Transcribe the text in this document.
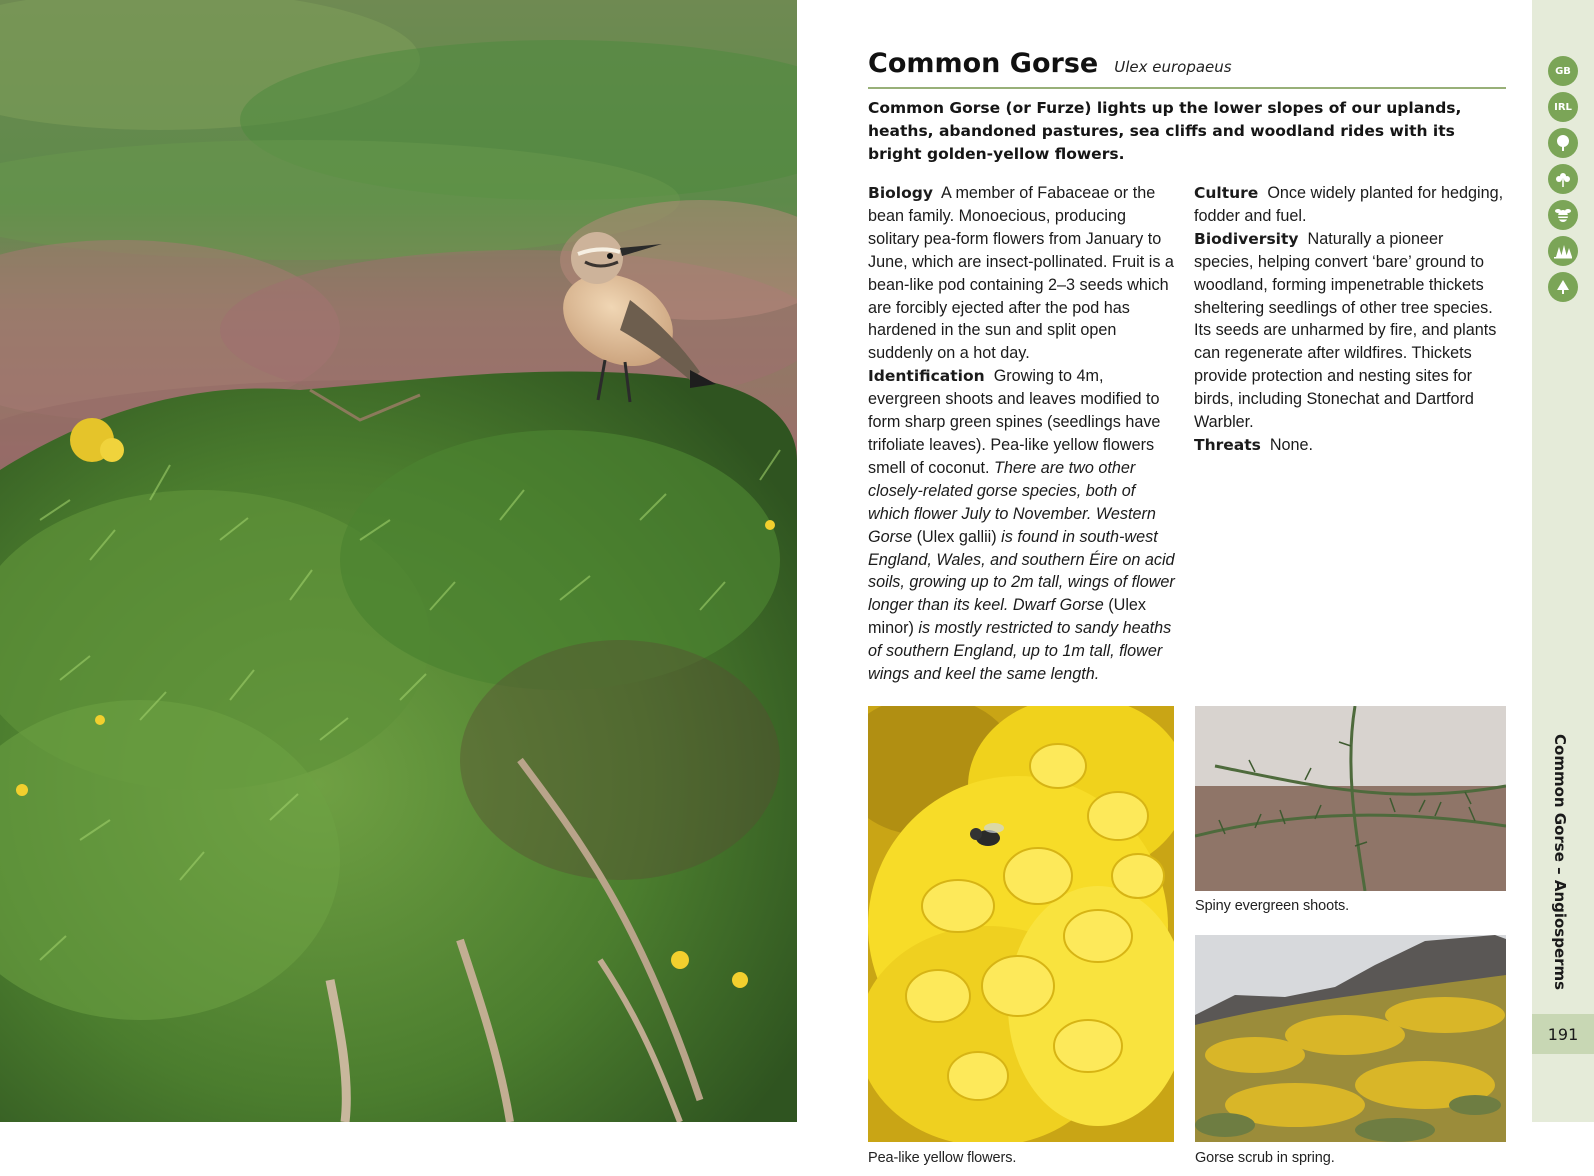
Common Gorse Ulex europaeus
Common Gorse (or Furze) lights up the lower slopes of our uplands, heaths, abandoned pastures, sea cliffs and woodland rides with its bright golden-yellow flowers.

Biology A member of Fabaceae or the bean family. Monoecious, producing solitary pea-form flowers from January to June, which are insect-pollinated. Fruit is a bean-like pod containing 2–3 seeds which are forcibly ejected after the pod has hardened in the sun and split open suddenly on a hot day.

Identification Growing to 4m, evergreen shoots and leaves modified to form sharp green spines (seedlings have trifoliate leaves). Pea-like yellow flowers smell of coconut. There are two other closely-related gorse species, both of which flower July to November. Western Gorse (Ulex gallii) is found in south-west England, Wales, and southern Éire on acid soils, growing up to 2m tall, wings of flower longer than its keel. Dwarf Gorse (Ulex minor) is mostly restricted to sandy heaths of southern England, up to 1m tall, flower wings and keel the same length.

Culture Once widely planted for hedging, fodder and fuel.

Biodiversity Naturally a pioneer species, helping convert ‘bare’ ground to woodland, forming impenetrable thickets sheltering seedlings of other tree species. Its seeds are unharmed by fire, and plants can regenerate after wildfires. Thickets provide protection and nesting sites for birds, including Stonechat and Dartford Warbler.

Threats None.

Pea-like yellow flowers.
Spiny evergreen shoots.
Gorse scrub in spring.
GB
IRL
Common Gorse – Angiosperms
191
